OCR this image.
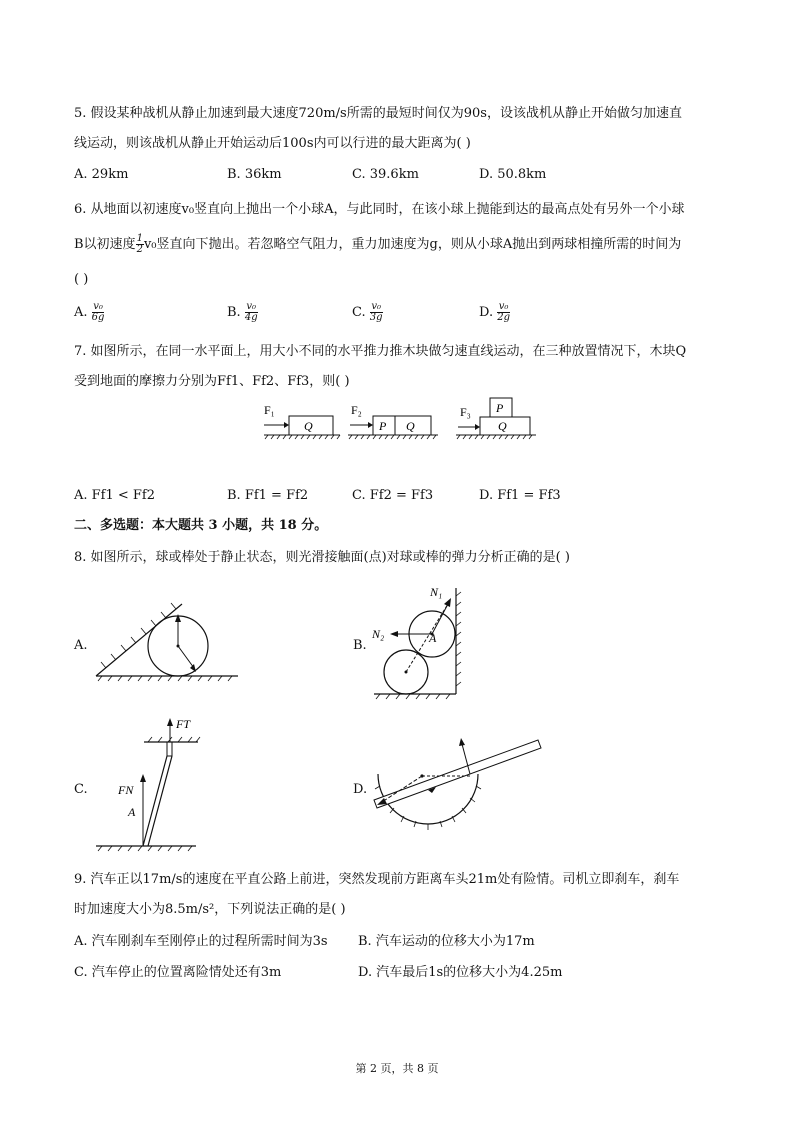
5. 假设某种战机从静止加速到最大速度720m/s所需的最短时间仅为90s，设该战机从静止开始做匀加速直
线运动，则该战机从静止开始运动后100s内可以行进的最大距离为( )
A. 29km	B. 36km	C. 39.6km	D. 50.8km
6. 从地面以初速度v₀竖直向上抛出一个小球A，与此同时，在该小球上抛能到达的最高点处有另外一个小球
B以初速度 $\frac{1}{2} v_0$竖直向下抛出。若忽略空气阻力，重力加速度为g，则从小球A抛出到两球相撞所需的时间为
( )
A. $\frac{\text{v₀}}{6g}$	B. $\frac{\text{v₀}}{4g}$	C. $\frac{\text{v₀}}{3g}$	D. $\frac{\text{v₀}}{2g}$
7. 如图所示，在同一水平面上，用大小不同的水平推力推木块做匀速直线运动，在三种放置情况下，木块Q
受到地面的摩擦力分别为Ff1、Ff2、Ff3，则( )
F₁
Q
F₂
P Q
F₃ P
Q
A. Ff1 < Ff2	B. Ff1 = Ff2	C. Ff2 = Ff3	D. Ff1 = Ff3
二、多选题：本大题共 3 小题，共 18 分。
8. 如图所示，球或棒处于静止状态，则光滑接触面(点)对球或棒的弹力分析正确的是( )
A.	B.
N₁
N₂	A
C.
FT
FN
A
D.
9. 汽车正以17m/s的速度在平直公路上前进，突然发现前方距离车头21m处有险情。司机立即刹车，刹车
时加速度大小为8.5m/s²，下列说法正确的是( )
A. 汽车刚刹车至刚停止的过程所需时间为3s B. 汽车运动的位移大小为17m
C. 汽车停止的位置离险情处还有3m	D. 汽车最后1s的位移大小为4.25m
第 2 页，共 8 页
